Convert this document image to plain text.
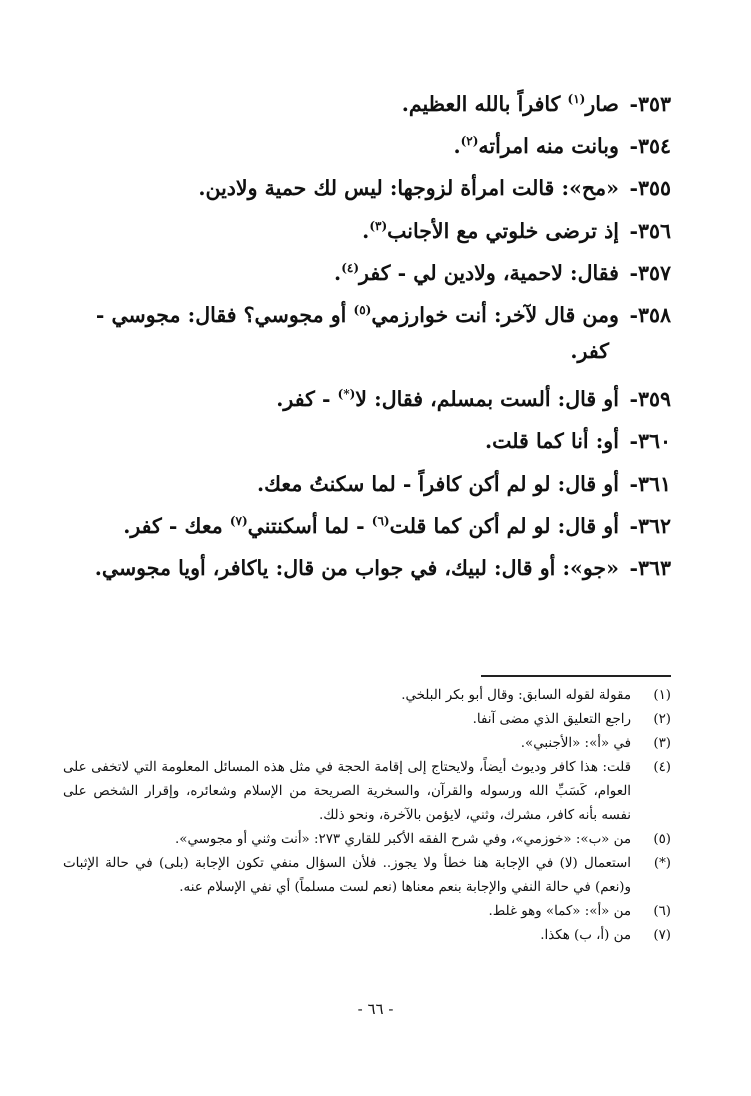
٣٥٣- صار$^{(١)}$ كافراً بالله العظيم.
٣٥٤- وبانت منه امرأته$^{(٢)}$.
٣٥٥- «مح»: قالت امرأة لزوجها: ليس لك حمية ولادين.
٣٥٦- إذ ترضى خلوتي مع الأجانب$^{(٣)}$.
٣٥٧- فقال: لاحمية، ولادين لي - كفر$^{(٤)}$.
٣٥٨- ومن قال لآخر: أنت خوارزمي$^{(٥)}$ أو مجوسي؟ فقال: مجوسي -
كفر.
٣٥٩- أو قال: ألست بمسلم، فقال: لا(*) - كفر.
٣٦٠- أو: أنا كما قلت.
٣٦١- أو قال: لو لم أكن كافراً - لما سكنتُ معك.
٣٦٢- أو قال: لو لم أكن كما قلت$^{(٦)}$ - لما أسكنتني$^{(٧)}$ معك - كفر.
٣٦٣- «جو»: أو قال: لبيك، في جواب من قال: ياكافر، أويا مجوسي.
(١)
مقولة لقوله السابق: وقال أبو بكر البلخي.
(٢)
راجع التعليق الذي مضى آنفا.
(٣)
في «أ»: «الأجنبي».
(٤)
قلت: هذا كافر وديوث أيضاً، ولايحتاج إلى إقامة الحجة في مثل هذه المسائل المعلومة التي لاتخفى على العوام، كَسَبِّ الله ورسوله والقرآن، والسخرية الصريحة من الإسلام وشعائره، وإقرار الشخص على نفسه بأنه كافر، مشرك، وثني، لايؤمن بالآخرة، ونحو ذلك.
(٥)
من «ب»: «خوزمي»، وفي شرح الفقه الأكبر للقاري ٢٧٣: «أنت وثني أو مجوسي».
(*)
استعمال (لا) في الإجابة هنا خطأ ولا يجوز.. فلأن السؤال منفي تكون الإجابة (بلى) في حالة الإثبات و(نعم) في حالة النفي والإجابة بنعم معناها (نعم لست مسلماً) أي نفي الإسلام عنه.
(٦)
من «أ»: «كما» وهو غلط.
(٧)
من (أ، ب) هكذا.
- ٦٦ -
